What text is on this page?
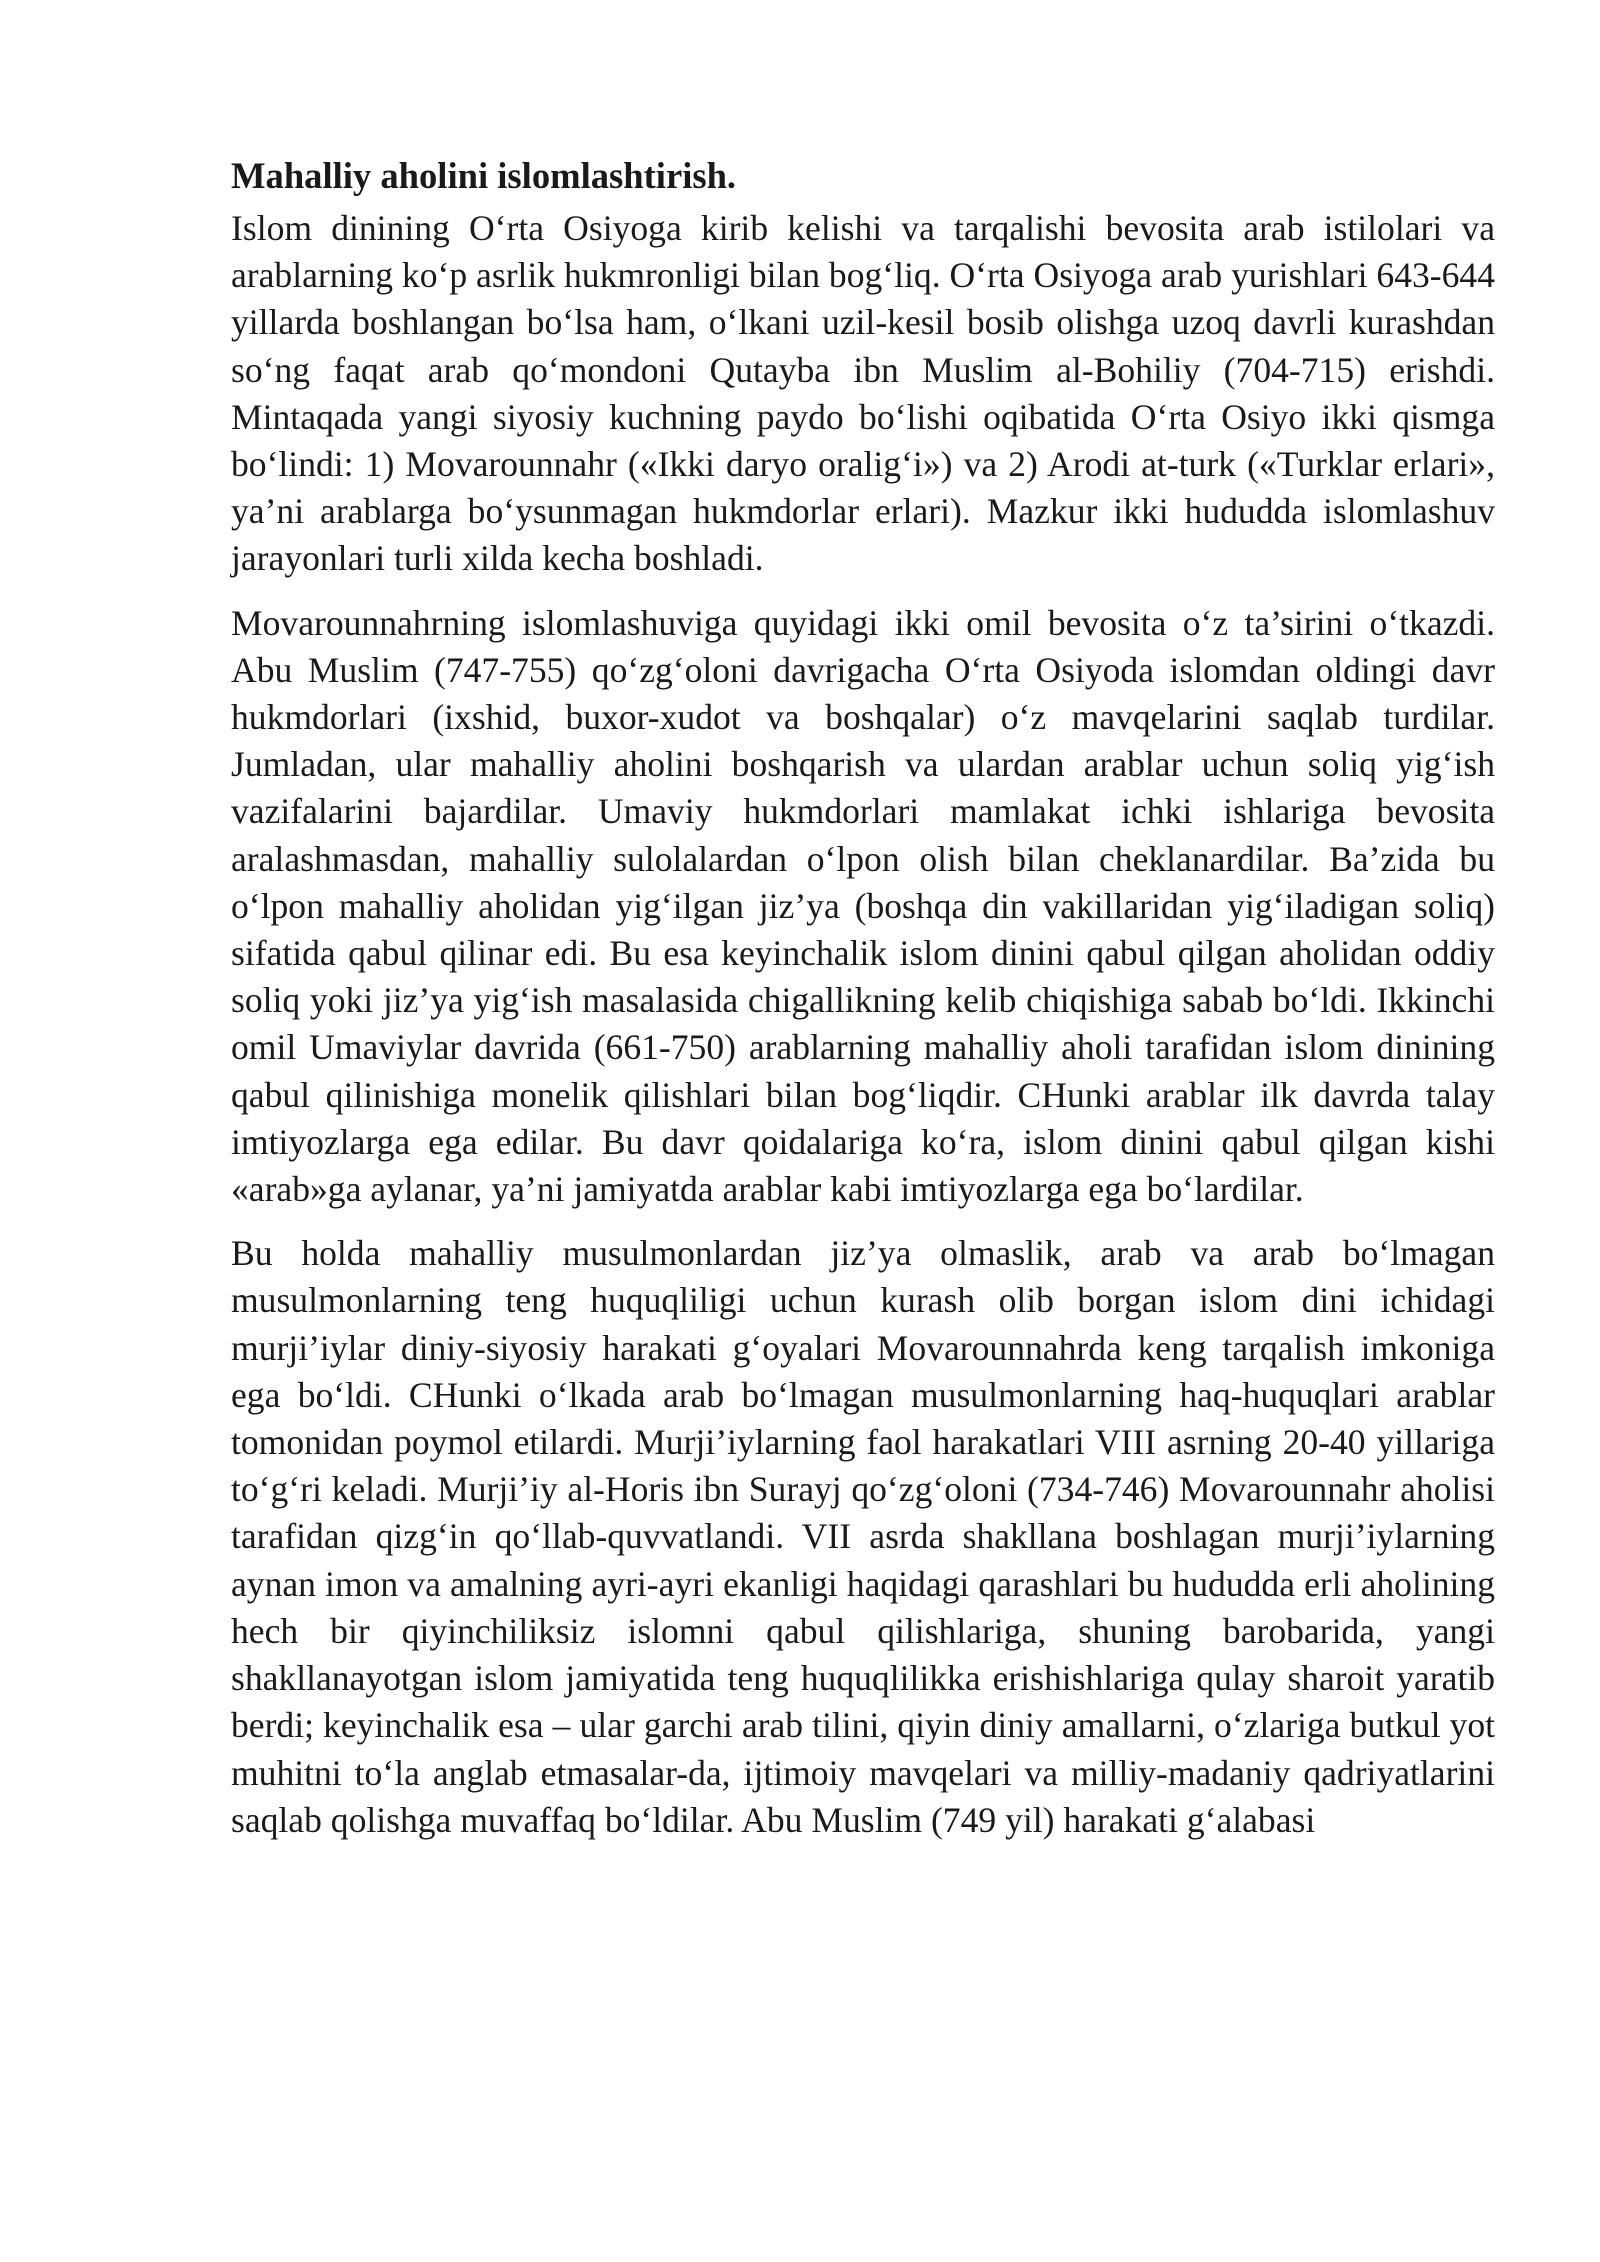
Mahalliy aholini islomlashtirish.

Islom dinining O‘rta Osiyoga kirib kelishi va tarqalishi bevosita arab istilolari va arablarning ko‘p asrlik hukmronligi bilan bog‘liq. O‘rta Osiyoga arab yurishlari 643-644 yillarda boshlangan bo‘lsa ham, o‘lkani uzil-kesil bosib olishga uzoq davrli kurashdan so‘ng faqat arab qo‘mondoni Qutayba ibn Muslim al-Bohiliy (704-715) erishdi. Mintaqada yangi siyosiy kuchning paydo bo‘lishi oqibatida O‘rta Osiyo ikki qismga bo‘lindi: 1) Movarounnahr («Ikki daryo oralig‘i») va 2) Arodi at-turk («Turklar erlari», ya’ni arablarga bo‘ysunmagan hukmdorlar erlari). Mazkur ikki hududda islomlashuv jarayonlari turli xilda kecha boshladi.

Movarounnahrning islomlashuviga quyidagi ikki omil bevosita o‘z ta’sirini o‘tkazdi. Abu Muslim (747-755) qo‘zg‘oloni davrigacha O‘rta Osiyoda islomdan oldingi davr hukmdorlari (ixshid, buxor-xudot va boshqalar) o‘z mavqelarini saqlab turdilar. Jumladan, ular mahalliy aholini boshqarish va ulardan arablar uchun soliq yig‘ish vazifalarini bajardilar. Umaviy hukmdorlari mamlakat ichki ishlariga bevosita aralashmasdan, mahalliy sulolalardan o‘lpon olish bilan cheklanardilar. Ba’zida bu o‘lpon mahalliy aholidan yig‘ilgan jiz’ya (boshqa din vakillaridan yig‘iladigan soliq) sifatida qabul qilinar edi. Bu esa keyinchalik islom dinini qabul qilgan aholidan oddiy soliq yoki jiz’ya yig‘ish masalasida chigallikning kelib chiqishiga sabab bo‘ldi. Ikkinchi omil Umaviylar davrida (661-750) arablarning mahalliy aholi tarafidan islom dinining qabul qilinishiga monelik qilishlari bilan bog‘liqdir. CHunki arablar ilk davrda talay imtiyozlarga ega edilar. Bu davr qoidalariga ko‘ra, islom dinini qabul qilgan kishi «arab»ga aylanar, ya’ni jamiyatda arablar kabi imtiyozlarga ega bo‘lardilar.

Bu holda mahalliy musulmonlardan jiz’ya olmaslik, arab va arab bo‘lmagan musulmonlarning teng huquqliligi uchun kurash olib borgan islom dini ichidagi murji’iylar diniy-siyosiy harakati g‘oyalari Movarounnahrda keng tarqalish imkoniga ega bo‘ldi. CHunki o‘lkada arab bo‘lmagan musulmonlarning haq-huquqlari arablar tomonidan poymol etilardi. Murji’iylarning faol harakatlari VIII asrning 20-40 yillariga to‘g‘ri keladi. Murji’iy al-Horis ibn Surayj qo‘zg‘oloni (734-746) Movarounnahr aholisi tarafidan qizg‘in qo‘llab-quvvatlandi. VII asrda shakllana boshlagan murji’iylarning aynan imon va amalning ayri-ayri ekanligi haqidagi qarashlari bu hududda erli aholining hech bir qiyinchiliksiz islomni qabul qilishlariga, shuning barobarida, yangi shakllanayotgan islom jamiyatida teng huquqlilikka erishishlariga qulay sharoit yaratib berdi; keyinchalik esa – ular garchi arab tilini, qiyin diniy amallarni, o‘zlariga butkul yot muhitni to‘la anglab etmasalar-da, ijtimoiy mavqelari va milliy-madaniy qadriyatlarini saqlab qolishga muvaffaq bo‘ldilar. Abu Muslim (749 yil) harakati g‘alabasi
